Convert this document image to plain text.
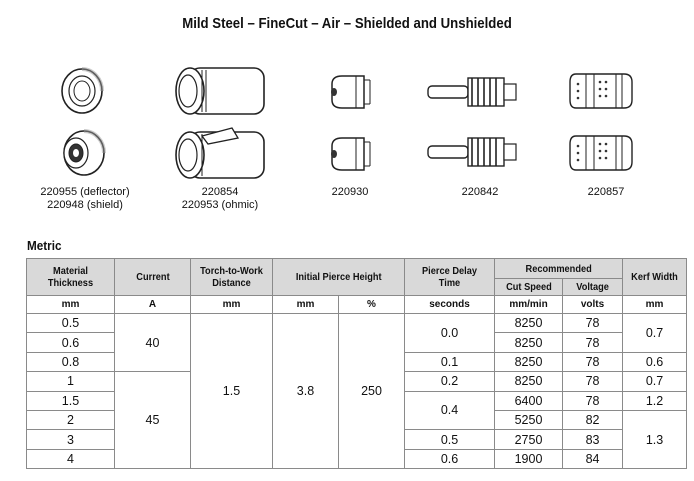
Mild Steel – FineCut – Air – Shielded and Unshielded
220955 (deflector)
220948 (shield)
220854
220953 (ohmic)
220930	220842	220857
Metric
Material Thickness	Current	Torch-to-Work Distance	Initial Pierce Height		Pierce Delay Time	Recommended		Kerf Width
						Cut Speed	Voltage	
mm	A	mm	mm	%	seconds	mm/min	volts	mm
0.5	40	1.5	3.8	250	0.0	8250	78	0.7
0.6						8250	78	
0.8					0.1	8250	78	0.6
1	45				0.2	8250	78	0.7
1.5					0.4	6400	78	1.2
2						5250	82	1.3
3					0.5	2750	83	
4					0.6	1900	84	
